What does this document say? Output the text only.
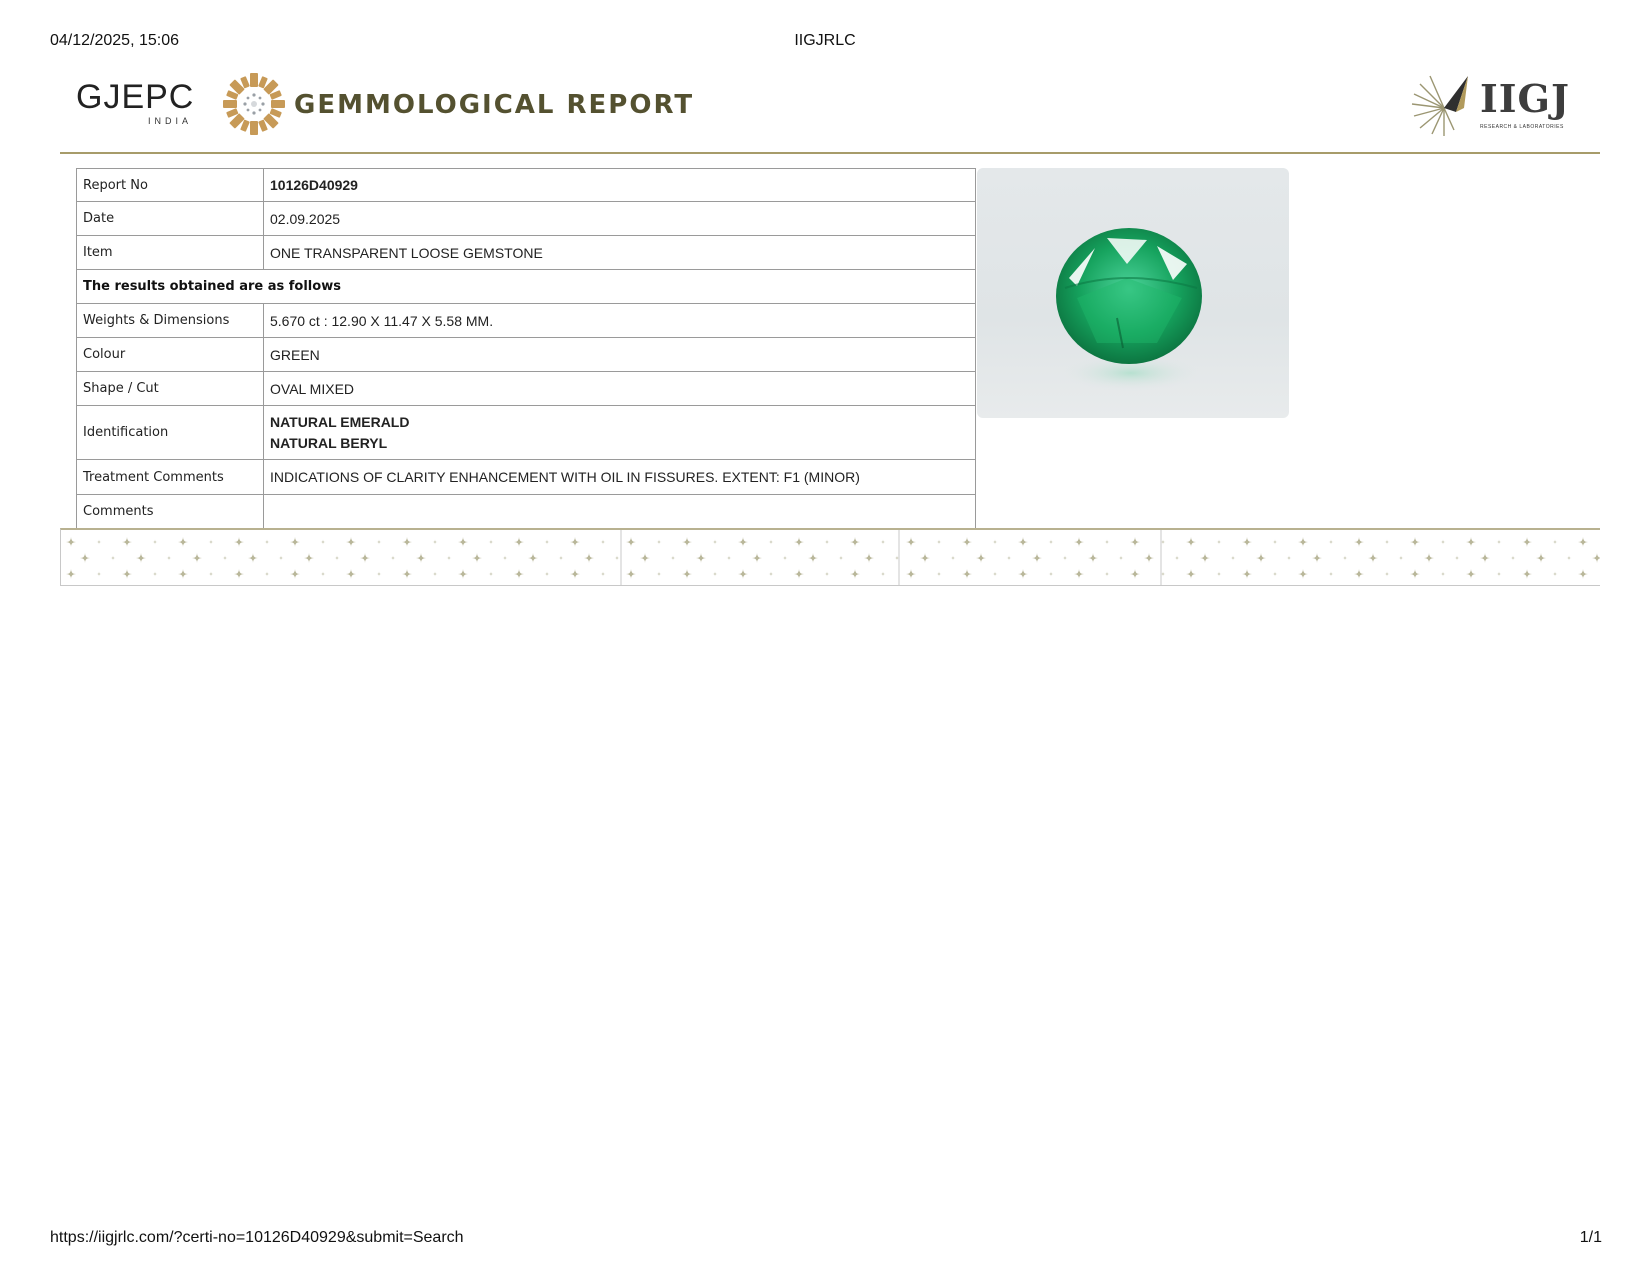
04/12/2025, 15:06	IIGJRLC
GJEPC
INDIA
GEMMOLOGICAL REPORT	IIGJ
RESEARCH & LABORATORIES
Report No	10126D40929
Date	02.09.2025
Item	ONE TRANSPARENT LOOSE GEMSTONE
The results obtained are as follows	
Weights & Dimensions	5.670 ct : 12.90 X 11.47 X 5.58 MM.
Colour	GREEN
Shape / Cut	OVAL MIXED
Identification	NATURAL EMERALD
NATURAL BERYL

Treatment Comments	INDICATIONS OF CLARITY ENHANCEMENT WITH OIL IN FISSURES. EXTENT: F1 (MINOR)
Comments	
https://iigjrlc.com/?certi-no=10126D40929&submit=Search	1/1
